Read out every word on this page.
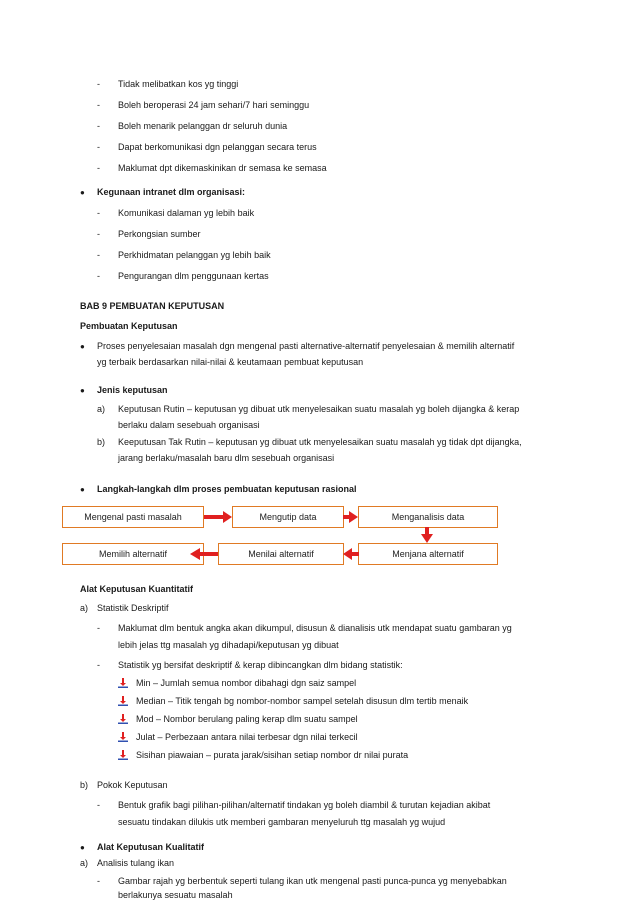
- Tidak melibatkan kos yg tinggi
- Boleh beroperasi 24 jam sehari/7 hari seminggu
- Boleh menarik pelanggan dr seluruh dunia
- Dapat berkomunikasi dgn pelanggan secara terus
- Maklumat dpt dikemaskinikan dr semasa ke semasa
● Kegunaan intranet dlm organisasi:
- Komunikasi dalaman yg lebih baik
- Perkongsian sumber
- Perkhidmatan pelanggan yg lebih baik
- Pengurangan dlm penggunaan kertas
BAB 9 PEMBUATAN KEPUTUSAN
Pembuatan Keputusan
● Proses penyelesaian masalah dgn mengenal pasti alternative-alternatif penyelesaian & memilih alternatif
yg terbaik berdasarkan nilai-nilai & keutamaan pembuat keputusan
● Jenis keputusan
a) Keputusan Rutin – keputusan yg dibuat utk menyelesaikan suatu masalah yg boleh dijangka & kerap
berlaku dalam sesebuah organisasi
b) Keeputusan Tak Rutin – keputusan yg dibuat utk menyelesaikan suatu masalah yg tidak dpt dijangka,
jarang berlaku/masalah baru dlm sesebuah organisasi
● Langkah-langkah dlm proses pembuatan keputusan rasional
Mengenal pasti masalah	Mengutip data	Menganalisis data
Menjana alternatif
Menilai alternatif
Memilih alternatif
Alat Keputusan Kuantitatif
a) Statistik Deskriptif
- Maklumat dlm bentuk angka akan dikumpul, disusun & dianalisis utk mendapat suatu gambaran yg
lebih jelas ttg masalah yg dihadapi/keputusan yg dibuat
- Statistik yg bersifat deskriptif & kerap dibincangkan dlm bidang statistik:
Min – Jumlah semua nombor dibahagi dgn saiz sampel
Median – Titik tengah bg nombor-nombor sampel setelah disusun dlm tertib menaik
Mod – Nombor berulang paling kerap dlm suatu sampel
Julat – Perbezaan antara nilai terbesar dgn nilai terkecil
Sisihan piawaian – purata jarak/sisihan setiap nombor dr nilai purata
b) Pokok Keputusan
- Bentuk grafik bagi pilihan-pilihan/alternatif tindakan yg boleh diambil & turutan kejadian akibat
sesuatu tindakan dilukis utk memberi gambaran menyeluruh ttg masalah yg wujud
● Alat Keputusan Kualitatif
a) Analisis tulang ikan
- Gambar rajah yg berbentuk seperti tulang ikan utk mengenal pasti punca-punca yg menyebabkan
berlakunya sesuatu masalah
